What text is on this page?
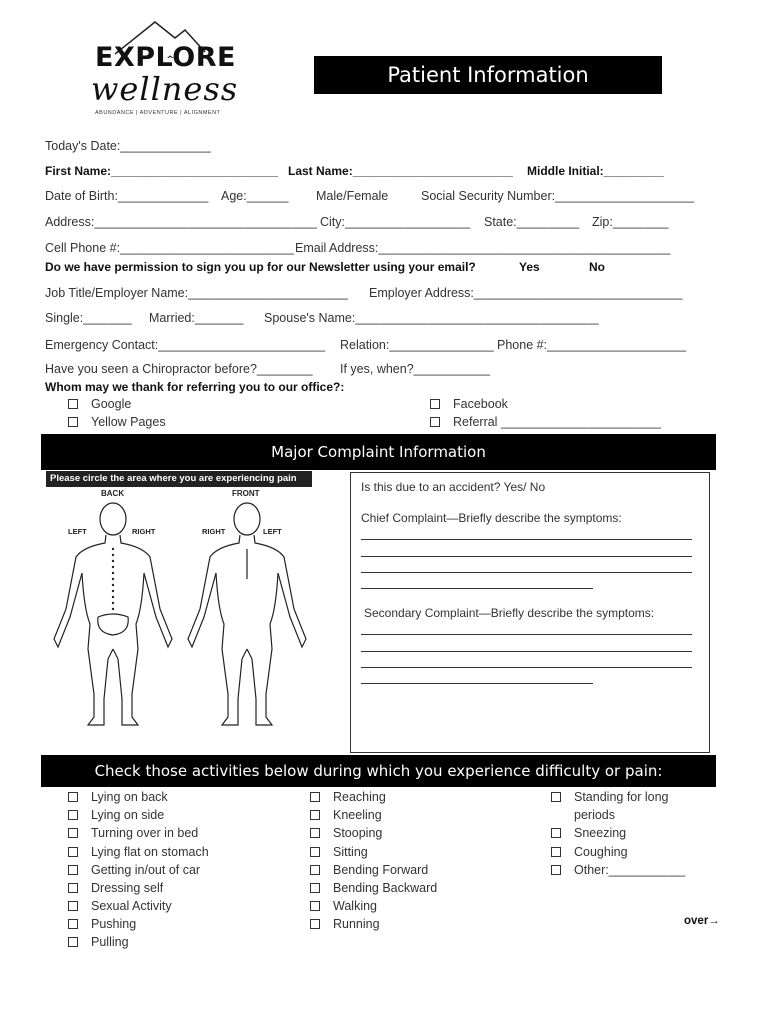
EXPLORE
wellness
ABUNDANCE | ADVENTURE | ALIGNMENT
Patient Information
Today's Date:_____________
First Name:_________________________ Last Name:________________________ Middle Initial:_________
Date of Birth:_____________ Age:______ Male/Female	Social Security Number:____________________
Address:________________________________ City:__________________ State:_________ Zip:________
Cell Phone #:_________________________ Email Address:__________________________________________
Do we have permission to sign you up for our Newsletter using your email?	Yes	No
Job Title/Employer Name:_______________________ Employer Address:______________________________
Single:_______ Married:_______ Spouse's Name:___________________________________
Emergency Contact:________________________ Relation:_______________ Phone #:____________________
Have you seen a Chiropractor before?________ If yes, when?___________
Whom may we thank for referring you to our office?:
Google
Yellow Pages
Facebook
Referral _______________________
Major Complaint Information
Please circle the area where you are experiencing pain
BACK	FRONT
LEFT	RIGHT	RIGHT	LEFT
Is this due to an accident? Yes/ No
Chief Complaint—Briefly describe the symptoms:
Secondary Complaint—Briefly describe the symptoms:
Check those activities below during which you experience difficulty or pain:
Lying on back
Lying on side
Turning over in bed
Lying flat on stomach
Getting in/out of car
Dressing self
Sexual Activity
Pushing
Pulling
Reaching
Kneeling
Stooping
Sitting
Bending Forward
Bending Backward
Walking
Running
Standing for long
periods
Sneezing
Coughing
Other:___________
over→
